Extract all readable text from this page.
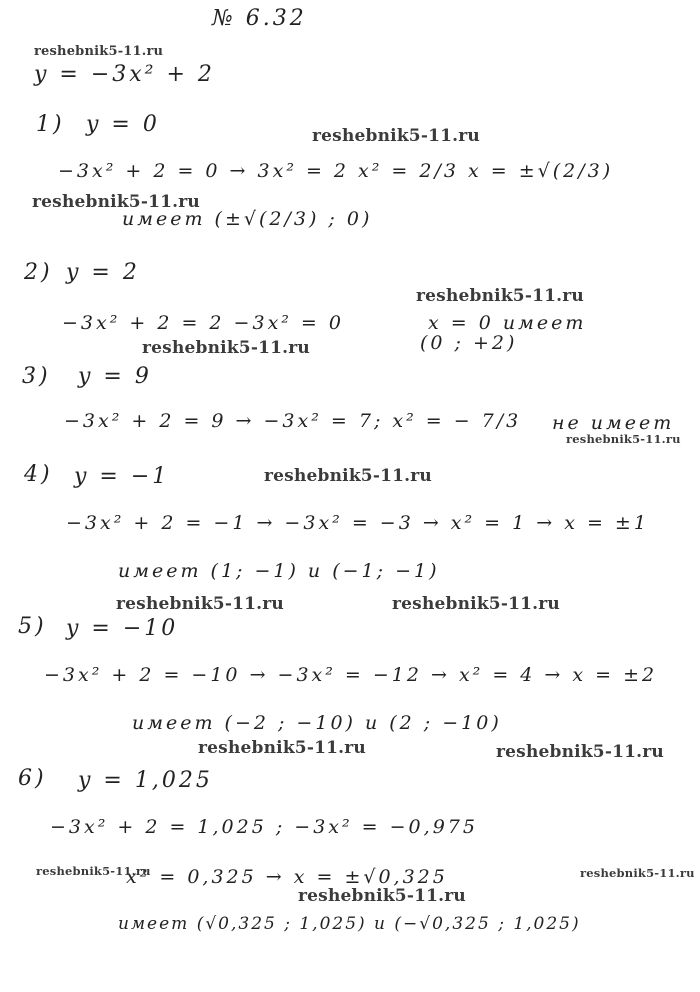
№ 6.32
y = −3x² + 2
1) y = 0
−3x² + 2 = 0 → 3x² = 2 x² = 2/3 x = ±√(2/3)
имеет (±√(2/3) ; 0)
2) y = 2
−3x² + 2 = 2 −3x² = 0	x = 0 имеет
(0 ; +2)
3) y = 9
−3x² + 2 = 9 → −3x² = 7; x² = − 7/3 не имеет
4) y = −1
−3x² + 2 = −1 → −3x² = −3 → x² = 1 → x = ±1
имеет (1; −1) и (−1; −1)
5) y = −10
−3x² + 2 = −10 → −3x² = −12 → x² = 4 → x = ±2
имеет (−2 ; −10) и (2 ; −10)
6) y = 1,025
−3x² + 2 = 1,025 ; −3x² = −0,975
x² = 0,325 → x = ±√0,325
имеет (√0,325 ; 1,025) и (−√0,325 ; 1,025)
reshebnik5-11.ru
reshebnik5-11.ru
reshebnik5-11.ru
reshebnik5-11.ru
reshebnik5-11.ru
reshebnik5-11.ru
reshebnik5-11.ru
reshebnik5-11.ru	reshebnik5-11.ru
reshebnik5-11.ru	reshebnik5-11.ru
reshebnik5-11.ru	reshebnik5-11.ru
reshebnik5-11.ru
